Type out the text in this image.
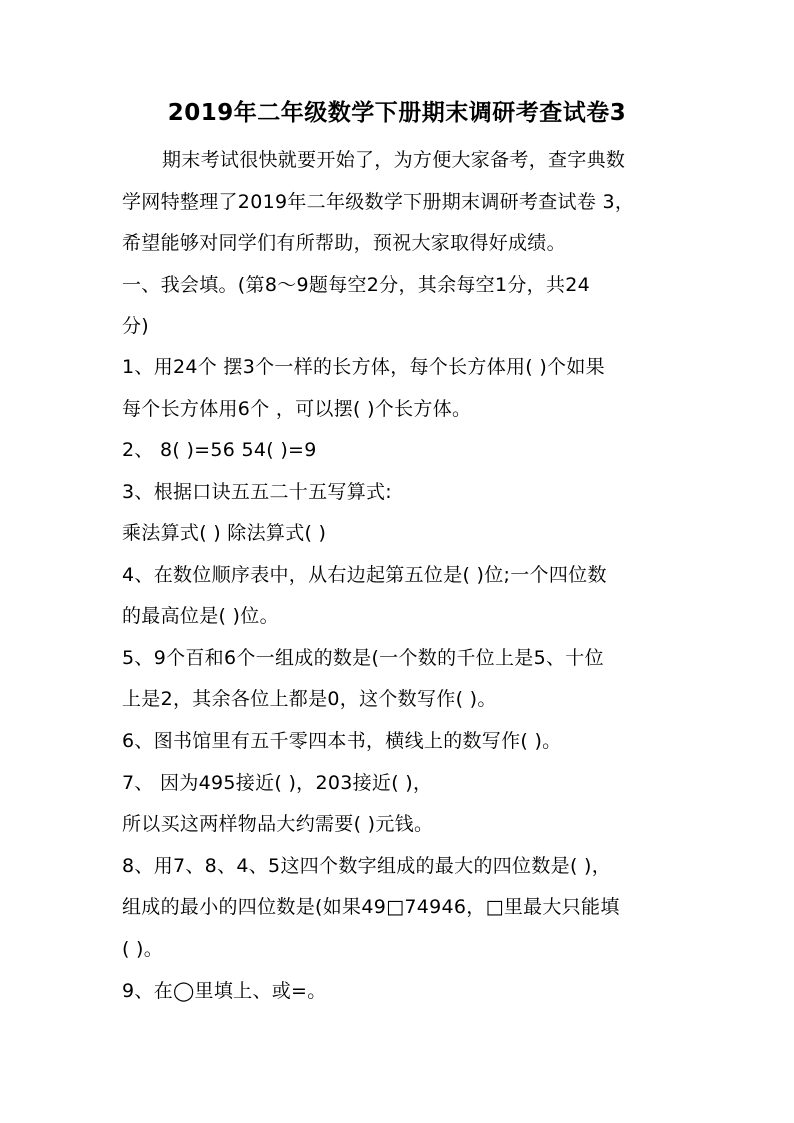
2019年二年级数学下册期末调研考查试卷3
期末考试很快就要开始了，为方便大家备考，查字典数
学网特整理了2019年二年级数学下册期末调研考查试卷 3，
希望能够对同学们有所帮助，预祝大家取得好成绩。
一、我会填。(第8～9题每空2分，其余每空1分，共24
分)
1、用24个 摆3个一样的长方体，每个长方体用( )个如果
每个长方体用6个 ，可以摆( )个长方体。
2、 8( )=56 54( )=9
3、根据口诀五五二十五写算式:
乘法算式( ) 除法算式( )
4、在数位顺序表中，从右边起第五位是( )位;一个四位数
的最高位是( )位。
5、9个百和6个一组成的数是(一个数的千位上是5、十位
上是2，其余各位上都是0，这个数写作( )。
6、图书馆里有五千零四本书，横线上的数写作( )。
7、 因为495接近( )，203接近( )，
所以买这两样物品大约需要( )元钱。
8、用7、8、4、5这四个数字组成的最大的四位数是( )，
组成的最小的四位数是(如果49□74946，□里最大只能填
( )。
9、在◯里填上、或=。
